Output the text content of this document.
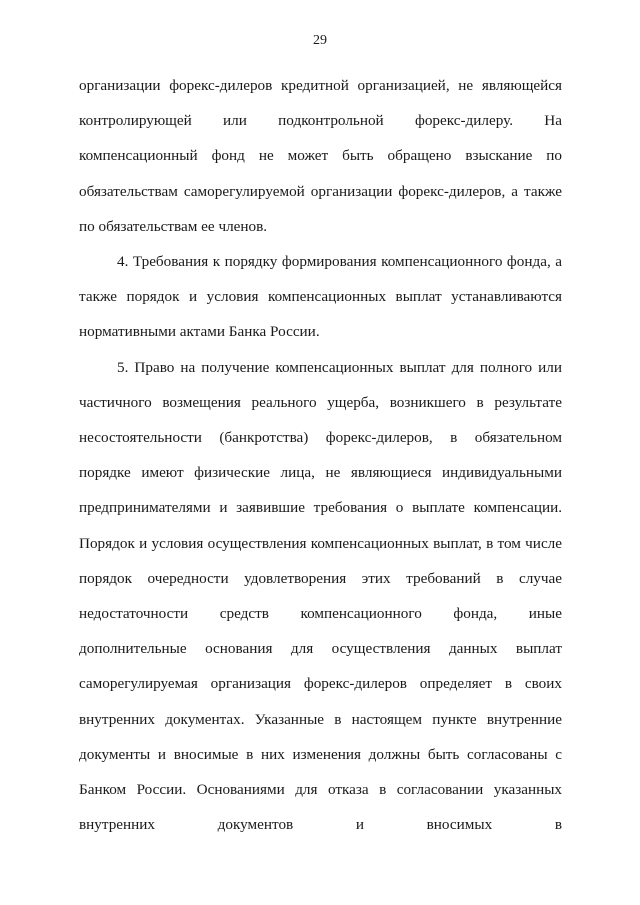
29

организации форекс-дилеров кредитной организацией, не являющейся контролирующей или подконтрольной форекс-дилеру. На компенсационный фонд не может быть обращено взыскание по обязательствам саморегулируемой организации форекс-дилеров, а также по обязательствам ее членов.

4. Требования к порядку формирования компенсационного фонда, а также порядок и условия компенсационных выплат устанавливаются нормативными актами Банка России.

5. Право на получение компенсационных выплат для полного или частичного возмещения реального ущерба, возникшего в результате несостоятельности (банкротства) форекс-дилеров, в обязательном порядке имеют физические лица, не являющиеся индивидуальными предпринимателями и заявившие требования о выплате компенсации. Порядок и условия осуществления компенсационных выплат, в том числе порядок очередности удовлетворения этих требований в случае недостаточности средств компенсационного фонда, иные дополнительные основания для осуществления данных выплат саморегулируемая организация форекс-дилеров определяет в своих внутренних документах. Указанные в настоящем пункте внутренние документы и вносимые в них изменения должны быть согласованы с Банком России. Основаниями для отказа в согласовании указанных внутренних документов и вносимых в
